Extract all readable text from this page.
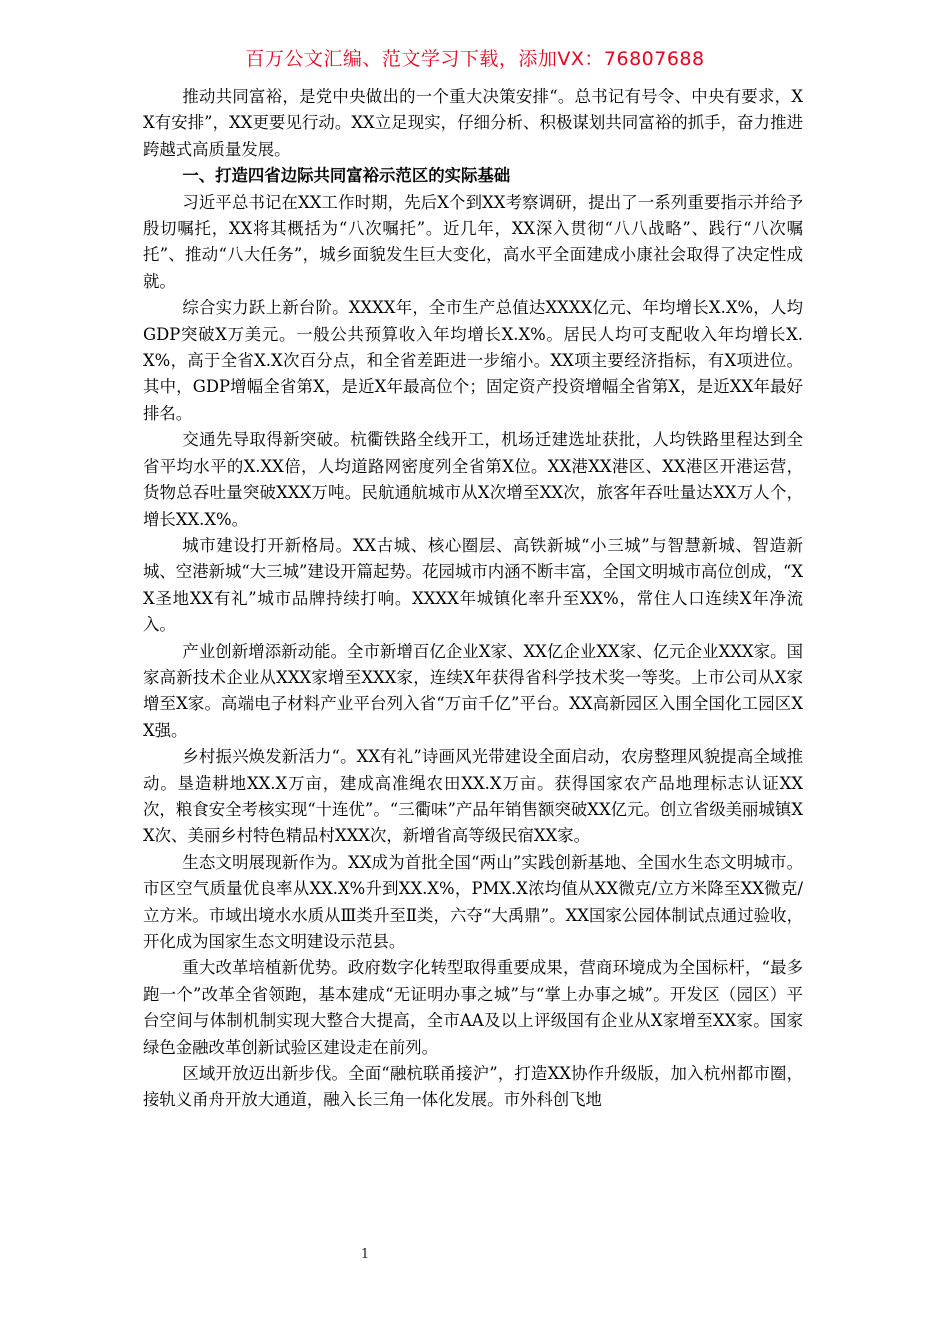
百万公文汇编、范文学习下载，添加VX：76807688

推动共同富裕，是党中央做出的一个重大决策安排“。总书记有号令、中央有要求，XX有安排”，XX更要见行动。XX立足现实，仔细分析、积极谋划共同富裕的抓手，奋力推进跨越式高质量发展。

一、打造四省边际共同富裕示范区的实际基础

习近平总书记在XX工作时期，先后X个到XX考察调研，提出了一系列重要指示并给予殷切嘱托，XX将其概括为“八次嘱托”。近几年，XX深入贯彻“八八战略”、践行“八次嘱托”、推动“八大任务”，城乡面貌发生巨大变化，高水平全面建成小康社会取得了决定性成就。

综合实力跃上新台阶。XXXX年，全市生产总值达XXXX亿元、年均增长X.X%，人均GDP突破X万美元。一般公共预算收入年均增长X.X%。居民人均可支配收入年均增长X.X%，高于全省X.X次百分点，和全省差距进一步缩小。XX项主要经济指标，有X项进位。其中，GDP增幅全省第X，是近X年最高位个；固定资产投资增幅全省第X，是近XX年最好排名。

交通先导取得新突破。杭衢铁路全线开工，机场迁建选址获批，人均铁路里程达到全省平均水平的X.XX倍，人均道路网密度列全省第X位。XX港XX港区、XX港区开港运营，货物总吞吐量突破XXX万吨。民航通航城市从X次增至XX次，旅客年吞吐量达XX万人个，增长XX.X%。

城市建设打开新格局。XX古城、核心圈层、高铁新城“小三城”与智慧新城、智造新城、空港新城“大三城”建设开篇起势。花园城市内涵不断丰富，全国文明城市高位创成，“XX圣地XX有礼”城市品牌持续打响。XXXX年城镇化率升至XX%，常住人口连续X年净流入。

产业创新增添新动能。全市新增百亿企业X家、XX亿企业XX家、亿元企业XXX家。国家高新技术企业从XXX家增至XXX家，连续X年获得省科学技术奖一等奖。上市公司从X家增至X家。高端电子材料产业平台列入省“万亩千亿”平台。XX高新园区入围全国化工园区XX强。

乡村振兴焕发新活力“。XX有礼”诗画风光带建设全面启动，农房整理风貌提高全域推动。垦造耕地XX.X万亩，建成高准绳农田XX.X万亩。获得国家农产品地理标志认证XX次，粮食安全考核实现“十连优”。“三衢味”产品年销售额突破XX亿元。创立省级美丽城镇XX次、美丽乡村特色精品村XXX次，新增省高等级民宿XX家。

生态文明展现新作为。XX成为首批全国“两山”实践创新基地、全国水生态文明城市。市区空气质量优良率从XX.X%升到XX.X%，PMX.X浓均值从XX微克/立方米降至XX微克/立方米。市域出境水水质从Ⅲ类升至Ⅱ类，六夺“大禹鼎”。XX国家公园体制试点通过验收，开化成为国家生态文明建设示范县。

重大改革培植新优势。政府数字化转型取得重要成果，营商环境成为全国标杆，“最多跑一个”改革全省领跑，基本建成“无证明办事之城”与“掌上办事之城”。开发区（园区）平台空间与体制机制实现大整合大提高，全市AA及以上评级国有企业从X家增至XX家。国家绿色金融改革创新试验区建设走在前列。

区域开放迈出新步伐。全面“融杭联甬接沪”，打造XX协作升级版，加入杭州都市圈，接轨义甬舟开放大通道，融入长三角一体化发展。市外科创飞地

1
